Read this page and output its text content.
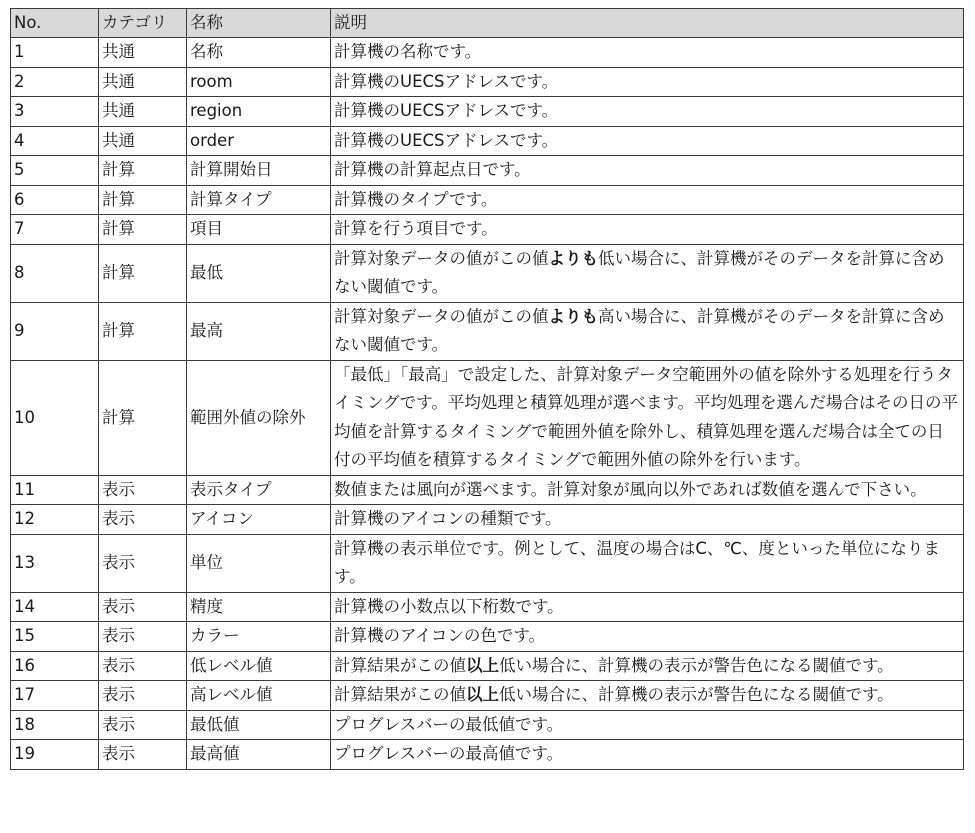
No.	カテゴリ	名称	説明
1	共通	名称	計算機の名称です。
2	共通	room	計算機のUECSアドレスです。
3	共通	region	計算機のUECSアドレスです。
4	共通	order	計算機のUECSアドレスです。
5	計算	計算開始日	計算機の計算起点日です。
6	計算	計算タイプ	計算機のタイプです。
7	計算	項目	計算を行う項目です。
8	計算	最低	計算対象データの値がこの値よりも低い場合に、計算機がそのデータを計算に含めない閾値です。
9	計算	最高	計算対象データの値がこの値よりも高い場合に、計算機がそのデータを計算に含めない閾値です。
10	計算	範囲外値の除外	「最低」「最高」で設定した、計算対象データ空範囲外の値を除外する処理を行うタイミングです。平均処理と積算処理が選べます。平均処理を選んだ場合はその日の平均値を計算するタイミングで範囲外値を除外し、積算処理を選んだ場合は全ての日付の平均値を積算するタイミングで範囲外値の除外を行います。
11	表示	表示タイプ	数値または風向が選べます。計算対象が風向以外であれば数値を選んで下さい。
12	表示	アイコン	計算機のアイコンの種類です。
13	表示	単位	計算機の表示単位です。例として、温度の場合はC、℃、度といった単位になります。
14	表示	精度	計算機の小数点以下桁数です。
15	表示	カラー	計算機のアイコンの色です。
16	表示	低レベル値	計算結果がこの値以上低い場合に、計算機の表示が警告色になる閾値です。
17	表示	高レベル値	計算結果がこの値以上低い場合に、計算機の表示が警告色になる閾値です。
18	表示	最低値	プログレスバーの最低値です。
19	表示	最高値	プログレスバーの最高値です。
